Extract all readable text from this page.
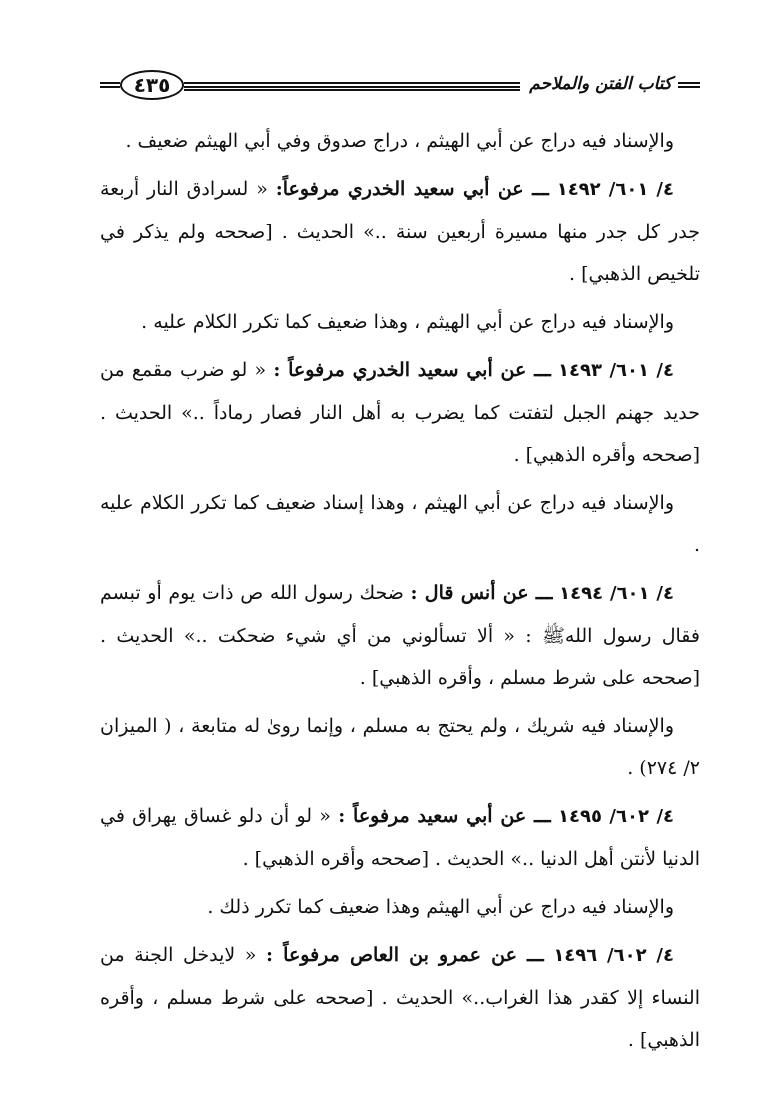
كتاب الفتن والملاحم
٤٣٥

والإسناد فيه دراج عن أبي الهيثم ، دراج صدوق وفي أبي الهيثم ضعيف .

٤/ ٦٠١/ ١٤٩٢ ـــ عن أبي سعيد الخدري مرفوعاً: « لسرادق النار أربعة جدر كل جدر منها مسيرة أربعين سنة ..» الحديث . [صححه ولم يذكر في تلخيص الذهبي] .

والإسناد فيه دراج عن أبي الهيثم ، وهذا ضعيف كما تكرر الكلام عليه .

٤/ ٦٠١/ ١٤٩٣ ـــ عن أبي سعيد الخدري مرفوعاً : « لو ضرب مقمع من حديد جهنم الجبل لتفتت كما يضرب به أهل النار فصار رماداً ..» الحديث . [صححه وأقره الذهبي] .

والإسناد فيه دراج عن أبي الهيثم ، وهذا إسناد ضعيف كما تكرر الكلام عليه .

٤/ ٦٠١/ ١٤٩٤ ـــ عن أنس قال : ضحك رسول الله ص ذات يوم أو تبسم فقال رسول اللهﷺ : « ألا تسألوني من أي شيء ضحكت ..» الحديث . [صححه على شرط مسلم ، وأقره الذهبي] .

والإسناد فيه شريك ، ولم يحتج به مسلم ، وإنما روىٰ له متابعة ، ( الميزان ٢/ ٢٧٤) .

٤/ ٦٠٢/ ١٤٩٥ ـــ عن أبي سعيد مرفوعاً : « لو أن دلو غساق يهراق في الدنيا لأنتن أهل الدنيا ..» الحديث . [صححه وأقره الذهبي] .

والإسناد فيه دراج عن أبي الهيثم وهذا ضعيف كما تكرر ذلك .

٤/ ٦٠٢/ ١٤٩٦ ـــ عن عمرو بن العاص مرفوعاً : « لايدخل الجنة من النساء إلا كقدر هذا الغراب..» الحديث . [صححه على شرط مسلم ، وأقره الذهبي] .
